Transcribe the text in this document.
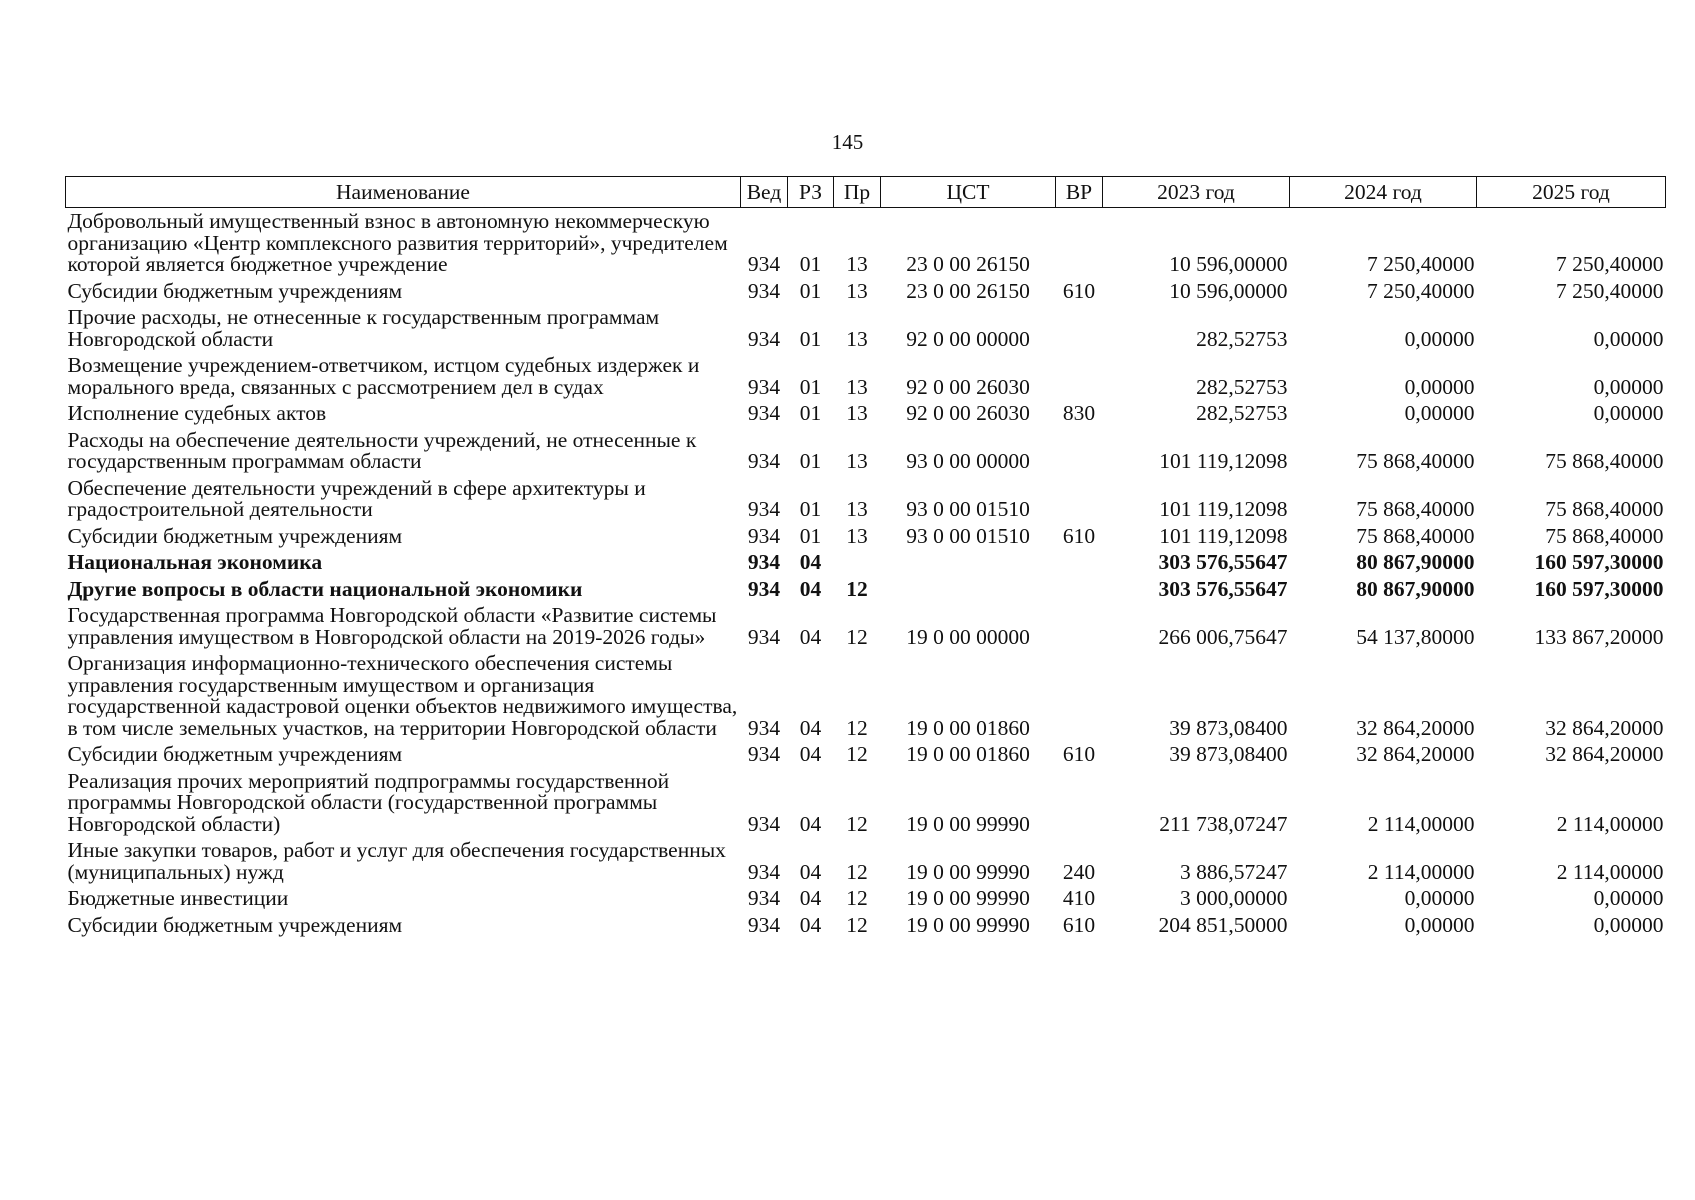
145
Наименование	Вед	РЗ	Пр	ЦСТ	ВР	2023 год	2024 год	2025 год
Добровольный имущественный взнос в автономную некоммерческую организацию «Центр комплексного развития территорий», учредителем которой является бюджетное учреждение	934	01	13	23 0 00 26150		10 596,00000	7 250,40000	7 250,40000
Субсидии бюджетным учреждениям	934	01	13	23 0 00 26150	610	10 596,00000	7 250,40000	7 250,40000
Прочие расходы, не отнесенные к государственным программам Новгородской области	934	01	13	92 0 00 00000		282,52753	0,00000	0,00000
Возмещение учреждением-ответчиком, истцом судебных издержек и морального вреда, связанных с рассмотрением дел в судах	934	01	13	92 0 00 26030		282,52753	0,00000	0,00000
Исполнение судебных актов	934	01	13	92 0 00 26030	830	282,52753	0,00000	0,00000
Расходы на обеспечение деятельности учреждений, не отнесенные к государственным программам области	934	01	13	93 0 00 00000		101 119,12098	75 868,40000	75 868,40000
Обеспечение деятельности учреждений в сфере архитектуры и градостроительной деятельности	934	01	13	93 0 00 01510		101 119,12098	75 868,40000	75 868,40000
Субсидии бюджетным учреждениям	934	01	13	93 0 00 01510	610	101 119,12098	75 868,40000	75 868,40000
Национальная экономика	934	04				303 576,55647	80 867,90000	160 597,30000
Другие вопросы в области национальной экономики	934	04	12			303 576,55647	80 867,90000	160 597,30000
Государственная программа Новгородской области «Развитие системы управления имуществом в Новгородской области на 2019-2026 годы»	934	04	12	19 0 00 00000		266 006,75647	54 137,80000	133 867,20000
Организация информационно-технического обеспечения системы управления государственным имуществом и организация государственной кадастровой оценки объектов недвижимого имущества, в том числе земельных участков, на территории Новгородской области	934	04	12	19 0 00 01860		39 873,08400	32 864,20000	32 864,20000
Субсидии бюджетным учреждениям	934	04	12	19 0 00 01860	610	39 873,08400	32 864,20000	32 864,20000
Реализация прочих мероприятий подпрограммы государственной программы Новгородской области (государственной программы Новгородской области)	934	04	12	19 0 00 99990		211 738,07247	2 114,00000	2 114,00000
Иные закупки товаров, работ и услуг для обеспечения государственных (муниципальных) нужд	934	04	12	19 0 00 99990	240	3 886,57247	2 114,00000	2 114,00000
Бюджетные инвестиции	934	04	12	19 0 00 99990	410	3 000,00000	0,00000	0,00000
Субсидии бюджетным учреждениям	934	04	12	19 0 00 99990	610	204 851,50000	0,00000	0,00000
